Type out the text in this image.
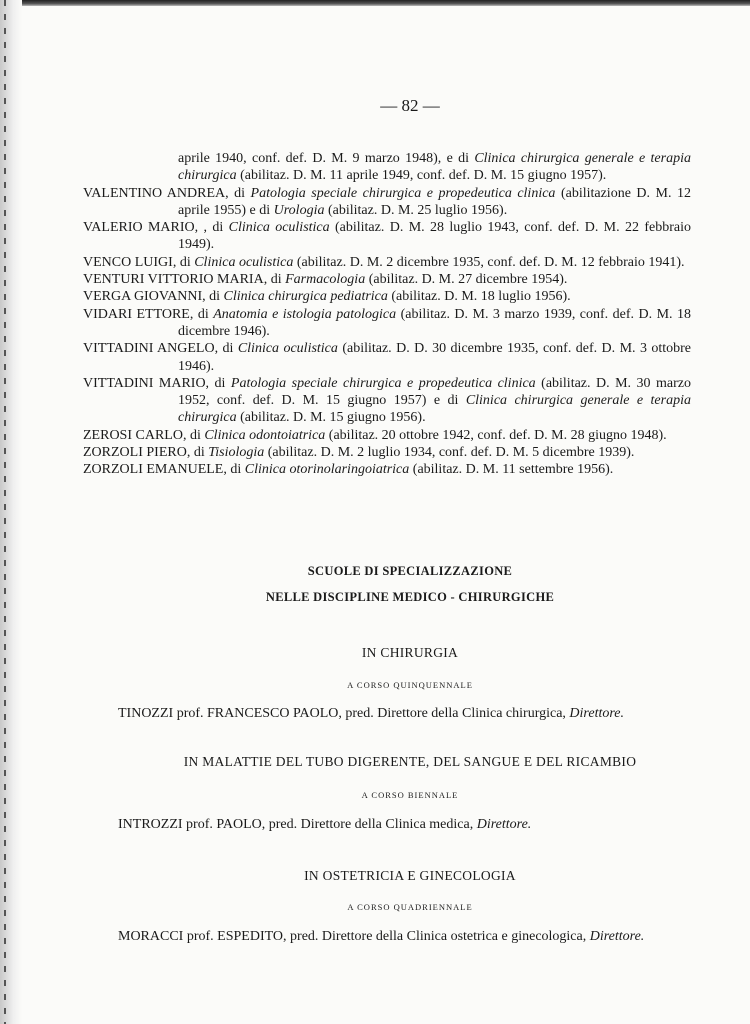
— 82 —
aprile 1940, conf. def. D. M. 9 marzo 1948), e di Clinica chirurgica generale e terapia chirurgica (abilitaz. D. M. 11 aprile 1949, conf. def. D. M. 15 giugno 1957).
VALENTINO ANDREA, di Patologia speciale chirurgica e propedeutica clinica (abilitazione D. M. 12 aprile 1955) e di Urologia (abilitaz. D. M. 25 luglio 1956).
VALERIO MARIO, , di Clinica oculistica (abilitaz. D. M. 28 luglio 1943, conf. def. D. M. 22 febbraio 1949).
VENCO LUIGI, di Clinica oculistica (abilitaz. D. M. 2 dicembre 1935, conf. def. D. M. 12 febbraio 1941).
VENTURI VITTORIO MARIA, di Farmacologia (abilitaz. D. M. 27 dicembre 1954).
VERGA GIOVANNI, di Clinica chirurgica pediatrica (abilitaz. D. M. 18 luglio 1956).
VIDARI ETTORE, di Anatomia e istologia patologica (abilitaz. D. M. 3 marzo 1939, conf. def. D. M. 18 dicembre 1946).
VITTADINI ANGELO, di Clinica oculistica (abilitaz. D. D. 30 dicembre 1935, conf. def. D. M. 3 ottobre 1946).
VITTADINI MARIO, di Patologia speciale chirurgica e propedeutica clinica (abilitaz. D. M. 30 marzo 1952, conf. def. D. M. 15 giugno 1957) e di Clinica chirurgica generale e terapia chirurgica (abilitaz. D. M. 15 giugno 1956).
ZEROSI CARLO, di Clinica odontoiatrica (abilitaz. 20 ottobre 1942, conf. def. D. M. 28 giugno 1948).
ZORZOLI PIERO, di Tisiologia (abilitaz. D. M. 2 luglio 1934, conf. def. D. M. 5 dicembre 1939).
ZORZOLI EMANUELE, di Clinica otorinolaringoiatrica (abilitaz. D. M. 11 settembre 1956).
SCUOLE DI SPECIALIZZAZIONE
NELLE DISCIPLINE MEDICO - CHIRURGICHE
IN CHIRURGIA
A CORSO QUINQUENNALE
TINOZZI prof. FRANCESCO PAOLO, pred. Direttore della Clinica chirurgica, Direttore.
IN MALATTIE DEL TUBO DIGERENTE, DEL SANGUE E DEL RICAMBIO
A CORSO BIENNALE
INTROZZI prof. PAOLO, pred. Direttore della Clinica medica, Direttore.
IN OSTETRICIA E GINECOLOGIA
A CORSO QUADRIENNALE
MORACCI prof. ESPEDITO, pred. Direttore della Clinica ostetrica e ginecologica, Direttore.
